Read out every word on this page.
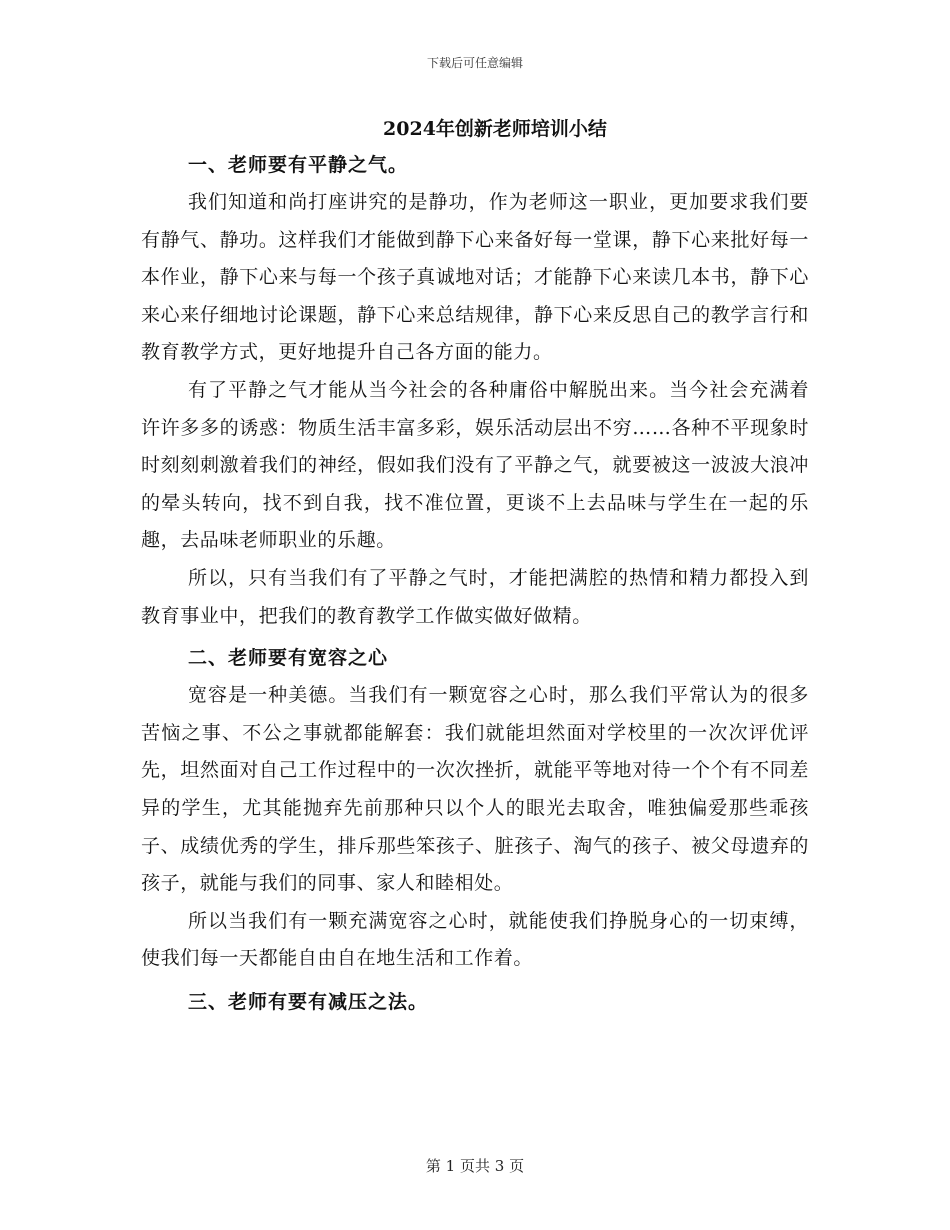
下载后可任意编辑
2024年创新老师培训小结
一、老师要有平静之气。

我们知道和尚打座讲究的是静功，作为老师这一职业，更加要求我们要有静气、静功。这样我们才能做到静下心来备好每一堂课，静下心来批好每一本作业，静下心来与每一个孩子真诚地对话；才能静下心来读几本书，静下心来心来仔细地讨论课题，静下心来总结规律，静下心来反思自己的教学言行和教育教学方式，更好地提升自己各方面的能力。

有了平静之气才能从当今社会的各种庸俗中解脱出来。当今社会充满着许许多多的诱惑：物质生活丰富多彩，娱乐活动层出不穷……各种不平现象时时刻刻刺激着我们的神经，假如我们没有了平静之气，就要被这一波波大浪冲的晕头转向，找不到自我，找不准位置，更谈不上去品味与学生在一起的乐趣，去品味老师职业的乐趣。

所以，只有当我们有了平静之气时，才能把满腔的热情和精力都投入到教育事业中，把我们的教育教学工作做实做好做精。

二、老师要有宽容之心

宽容是一种美德。当我们有一颗宽容之心时，那么我们平常认为的很多苦恼之事、不公之事就都能解套：我们就能坦然面对学校里的一次次评优评先，坦然面对自己工作过程中的一次次挫折，就能平等地对待一个个有不同差异的学生，尤其能抛弃先前那种只以个人的眼光去取舍，唯独偏爱那些乖孩子、成绩优秀的学生，排斥那些笨孩子、脏孩子、淘气的孩子、被父母遗弃的孩子，就能与我们的同事、家人和睦相处。

所以当我们有一颗充满宽容之心时，就能使我们挣脱身心的一切束缚，使我们每一天都能自由自在地生活和工作着。

三、老师有要有减压之法。
第 1 页共 3 页
